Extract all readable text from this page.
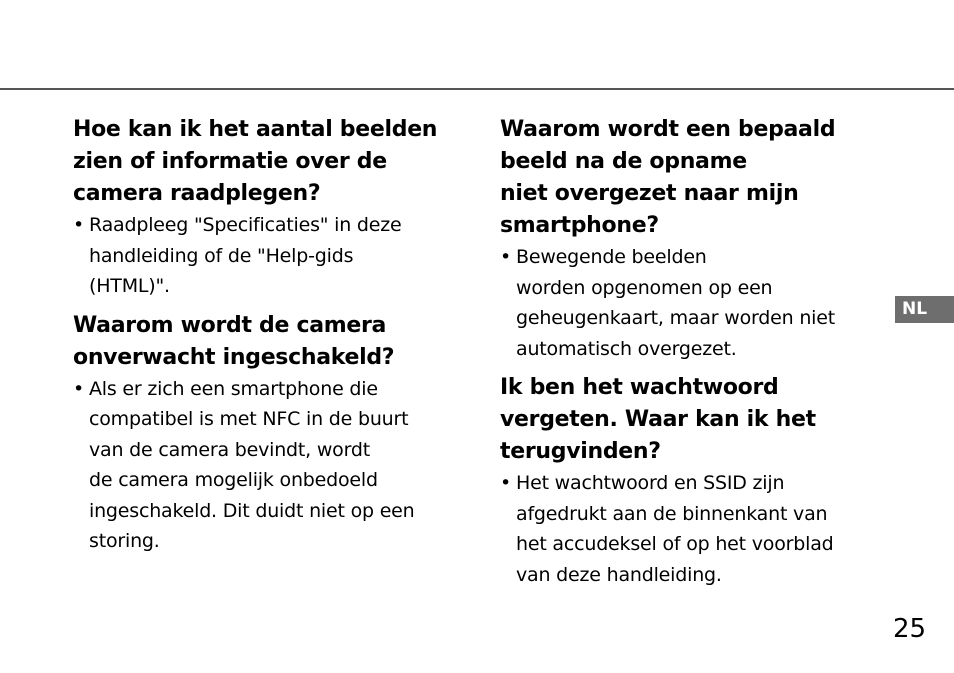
Hoe kan ik het aantal beelden
zien of informatie over de
camera raadplegen?
• Raadpleeg "Specificaties" in deze
handleiding of de "Help-gids
(HTML)".
Waarom wordt de camera
onverwacht ingeschakeld?
• Als er zich een smartphone die
compatibel is met NFC in de buurt
van de camera bevindt, wordt
de camera mogelijk onbedoeld
ingeschakeld. Dit duidt niet op een
storing.
Waarom wordt een bepaald
beeld na de opname
niet overgezet naar mijn
smartphone?
• Bewegende beelden
worden opgenomen op een
geheugenkaart, maar worden niet
automatisch overgezet.
Ik ben het wachtwoord
vergeten. Waar kan ik het
terugvinden?
• Het wachtwoord en SSID zijn
afgedrukt aan de binnenkant van
het accudeksel of op het voorblad
van deze handleiding.
NL
25
